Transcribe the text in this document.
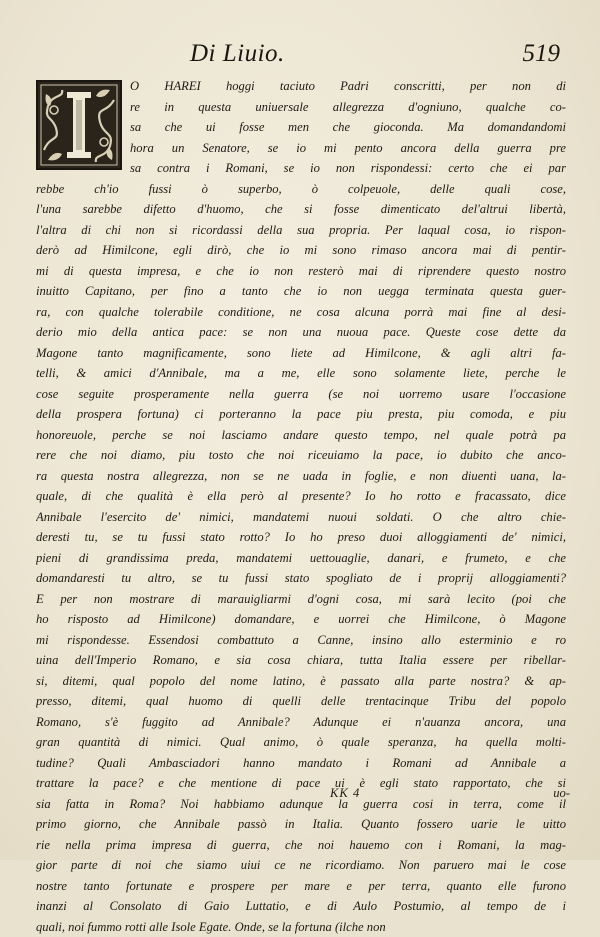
Di Liuio.	519
O HAREI hoggi taciuto Padri conscritti, per non di
re in questa uniuersale allegrezza d'ogniuno, qualche co-
sa che ui fosse men che gioconda. Ma domandandomi
hora un Senatore, se io mi pento ancora della guerra pre
sa contra i Romani, se io non rispondessi: certo che ei par
rebbe ch'io fussi ò superbo, ò colpeuole, delle quali cose,
l'una sarebbe difetto d'huomo, che si fosse dimenticato del'altrui libertà,
l'altra di chi non si ricordassi della sua propria. Per laqual cosa, io rispon-
derò ad Himilcone, egli dirò, che io mi sono rimaso ancora mai di pentir-
mi di questa impresa, e che io non resterò mai di riprendere questo nostro
inuitto Capitano, per fino a tanto che io non uegga terminata questa guer-
ra, con qualche tolerabile conditione, ne cosa alcuna porrà mai fine al desi-
derio mio della antica pace: se non una nuoua pace. Queste cose dette da
Magone tanto magnificamente, sono liete ad Himilcone, & agli altri fa-
telli, & amici d'Annibale, ma a me, elle sono solamente liete, perche le
cose seguite prosperamente nella guerra (se noi uorremo usare l'occasione
della prospera fortuna) ci porteranno la pace piu presta, piu comoda, e piu
honoreuole, perche se noi lasciamo andare questo tempo, nel quale potrà pa
rere che noi diamo, piu tosto che noi riceuiamo la pace, io dubito che anco-
ra questa nostra allegrezza, non se ne uada in foglie, e non diuenti uana, la-
quale, di che qualità è ella però al presente? Io ho rotto e fracassato, dice
Annibale l'esercito de' nimici, mandatemi nuoui soldati. O che altro chie-
deresti tu, se tu fussi stato rotto? Io ho preso duoi alloggiamenti de' nimici,
pieni di grandissima preda, mandatemi uettouaglie, danari, e frumeto, e che
domandaresti tu altro, se tu fussi stato spogliato de i proprij alloggiamenti?
E per non mostrare di marauigliarmi d'ogni cosa, mi sarà lecito (poi che
ho risposto ad Himilcone) domandare, e uorrei che Himilcone, ò Magone
mi rispondesse. Essendosi combattuto a Canne, insino allo esterminio e ro
uina dell'Imperio Romano, e sia cosa chiara, tutta Italia essere per ribellar-
si, ditemi, qual popolo del nome latino, è passato alla parte nostra? & ap-
presso, ditemi, qual huomo di quelli delle trentacinque Tribu del popolo
Romano, s'è fuggito ad Annibale? Adunque ei n'auanza ancora, una
gran quantità di nimici. Qual animo, ò quale speranza, ha quella molti-
tudine? Quali Ambasciadori hanno mandato i Romani ad Annibale a
trattare la pace? e che mentione di pace ui è egli stato rapportato, che si
sia fatta in Roma? Noi habbiamo adunque la guerra cosi in terra, come il
primo giorno, che Annibale passò in Italia. Quanto fossero uarie le uitto
rie nella prima impresa di guerra, che noi hauemo con i Romani, la mag-
gior parte di noi che siamo uiui ce ne ricordiamo. Non paruero mai le cose
nostre tanto fortunate e prospere per mare e per terra, quanto elle furono
inanzi al Consolato di Gaio Luttatio, e di Aulo Postumio, al tempo de i
quali, noi fummo rotti alle Isole Egate. Onde, se la fortuna (ilche non
KK 4	uo-
